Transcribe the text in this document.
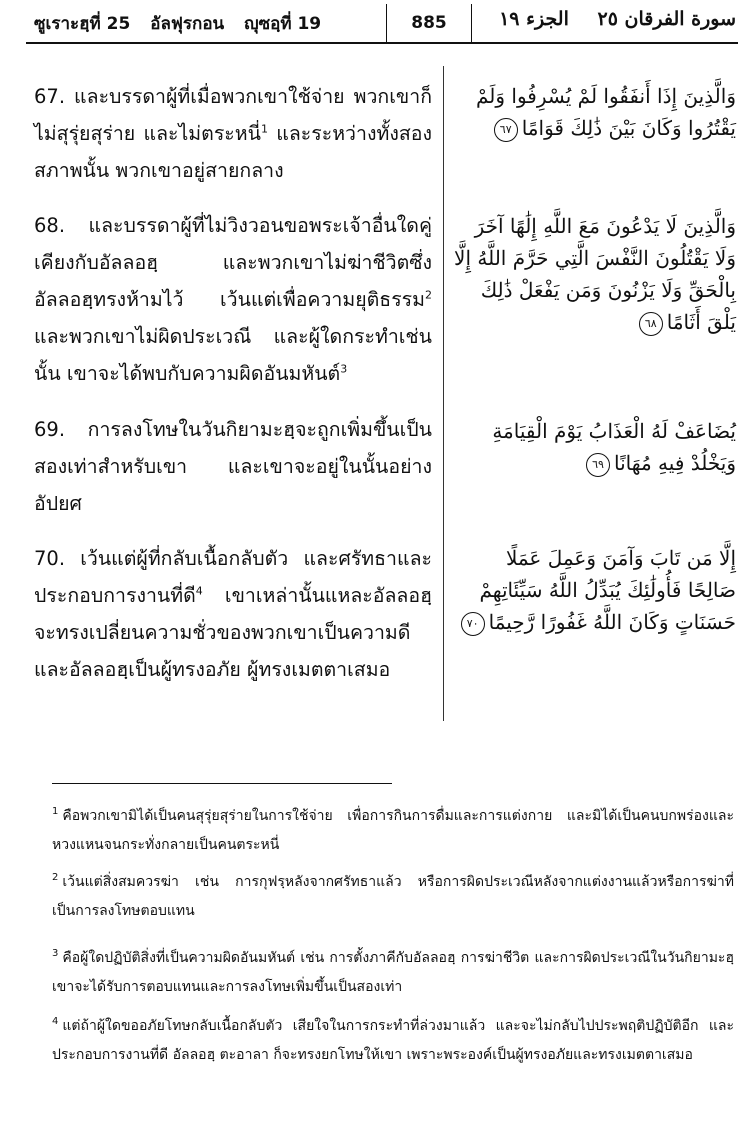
ซูเราะฮฺที่ 25 อัลฟุรกอน ญุซอฺที่ 19	885	سورة الفرقان ٢٥ الجزء ١٩
67. และบรรดาผู้ที่เมื่อพวกเขาใช้จ่าย พวกเขาก็ไม่สุรุ่ยสุร่าย และไม่ตระหนี่$^1$ และระหว่างทั้งสองสภาพนั้น พวกเขาอยู่สายกลาง
وَالَّذِينَ إِذَا أَنفَقُوا لَمْ يُسْرِفُوا وَلَمْ يَقْتُرُوا وَكَانَ بَيْنَ ذَٰلِكَ قَوَامًا٦٧
68. และบรรดาผู้ที่ไม่วิงวอนขอพระเจ้าอื่นใดคู่เคียงกับอัลลอฮฺ และพวกเขาไม่ฆ่าชีวิตซึ่งอัลลอฮฺทรงห้ามไว้ เว้นแต่เพื่อความยุติธรรม$^2$ และพวกเขาไม่ผิดประเวณี และผู้ใดกระทำเช่นนั้น เขาจะได้พบกับความผิดอันมหันต์$^3$
وَالَّذِينَ لَا يَدْعُونَ مَعَ اللَّهِ إِلَٰهًا آخَرَ وَلَا يَقْتُلُونَ النَّفْسَ الَّتِي حَرَّمَ اللَّهُ إِلَّا بِالْحَقِّ وَلَا يَزْنُونَ وَمَن يَفْعَلْ ذَٰلِكَ يَلْقَ أَثَامًا٦٨
69. การลงโทษในวันกิยามะฮฺจะถูกเพิ่มขึ้นเป็นสองเท่าสำหรับเขา และเขาจะอยู่ในนั้นอย่างอัปยศ
يُضَاعَفْ لَهُ الْعَذَابُ يَوْمَ الْقِيَامَةِ وَيَخْلُدْ فِيهِ مُهَانًا٦٩
70. เว้นแต่ผู้ที่กลับเนื้อกลับตัว และศรัทธาและประกอบการงานที่ดี$^4$ เขาเหล่านั้นแหละอัลลอฮฺจะทรงเปลี่ยนความชั่วของพวกเขาเป็นความดี และอัลลอฮฺเป็นผู้ทรงอภัย ผู้ทรงเมตตาเสมอ
إِلَّا مَن تَابَ وَآمَنَ وَعَمِلَ عَمَلًا صَالِحًا فَأُولَٰئِكَ يُبَدِّلُ اللَّهُ سَيِّئَاتِهِمْ حَسَنَاتٍ وَكَانَ اللَّهُ غَفُورًا رَّحِيمًا٧٠
$^1$ คือพวกเขามิได้เป็นคนสุรุ่ยสุร่ายในการใช้จ่าย เพื่อการกินการดื่มและการแต่งกาย และมิได้เป็นคนบกพร่องและหวงแหนจนกระทั่งกลายเป็นคนตระหนี่
$^2$ เว้นแต่สิ่งสมควรฆ่า เช่น การกุฟรฺหลังจากศรัทธาแล้ว หรือการผิดประเวณีหลังจากแต่งงานแล้วหรือการฆ่าที่เป็นการลงโทษตอบแทน
$^3$ คือผู้ใดปฏิบัติสิ่งที่เป็นความผิดอันมหันต์ เช่น การตั้งภาคีกับอัลลอฮฺ การฆ่าชีวิต และการผิดประเวณีในวันกิยามะฮฺเขาจะได้รับการตอบแทนและการลงโทษเพิ่มขึ้นเป็นสองเท่า
$^4$ แต่ถ้าผู้ใดขออภัยโทษกลับเนื้อกลับตัว เสียใจในการกระทำที่ล่วงมาแล้ว และจะไม่กลับไปประพฤติปฏิบัติอีก และประกอบการงานที่ดี อัลลอฮฺ ตะอาลา ก็จะทรงยกโทษให้เขา เพราะพระองค์เป็นผู้ทรงอภัยและทรงเมตตาเสมอ
